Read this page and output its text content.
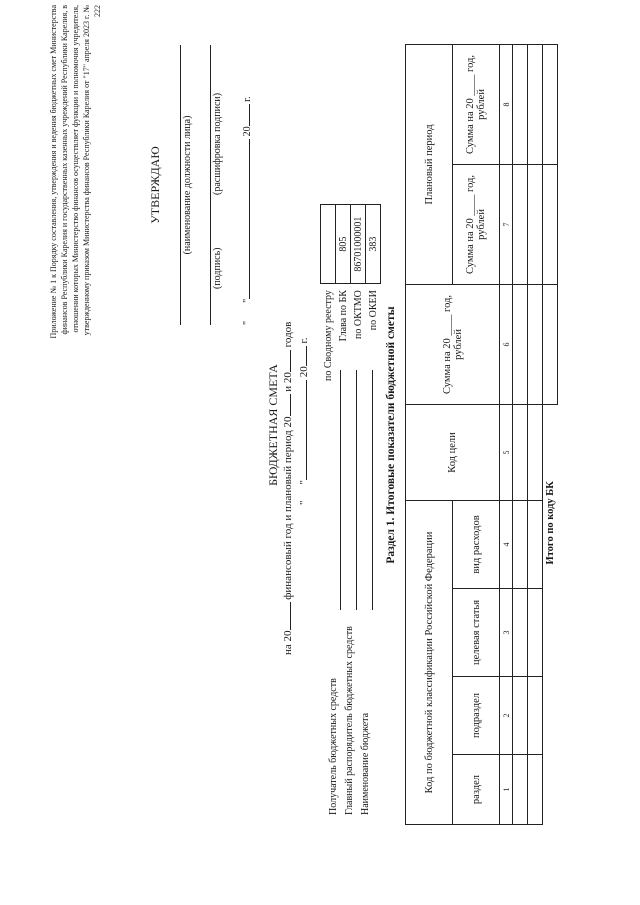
Приложение № 1 к Порядку составления, утверждения и ведения бюджетных смет Министерства финансов Республики Карелия и государственных казенных учреждений Республики Карелия, в отношении которых Министерство финансов осуществляет функции и полномочия учредителя, утвержденному приказом Министерства финансов Республики Карелия от "17" апреля 2023 г. № 222
УТВЕРЖДАЮ (наименование должности лица)
(подпись)
(расшифровка подписи)
"" 20 г.
БЮДЖЕТНАЯ СМЕТА
на 20 финансовый год и плановый период 20 и 20 годов
"" 20 г.
Получатель бюджетных средств Главный распорядитель бюджетных средств Наименование бюджета
по Сводному реестру	
Глава по БК	805
по ОКТМО	86701000001
по ОКЕИ	383
Раздел 1. Итоговые показатели бюджетной сметы
Код по бюджетной классификации Российской Федерации				Код цели	Сумма на 20 ____ год, рублей	Плановый период	
раздел	подраздел	целевая статья	вид расходов			Сумма на 20 ____ год, рублей	Сумма на 20 ____ год, рублей
1	2	3	4	5	6	7	8

Итого по коду БК							
